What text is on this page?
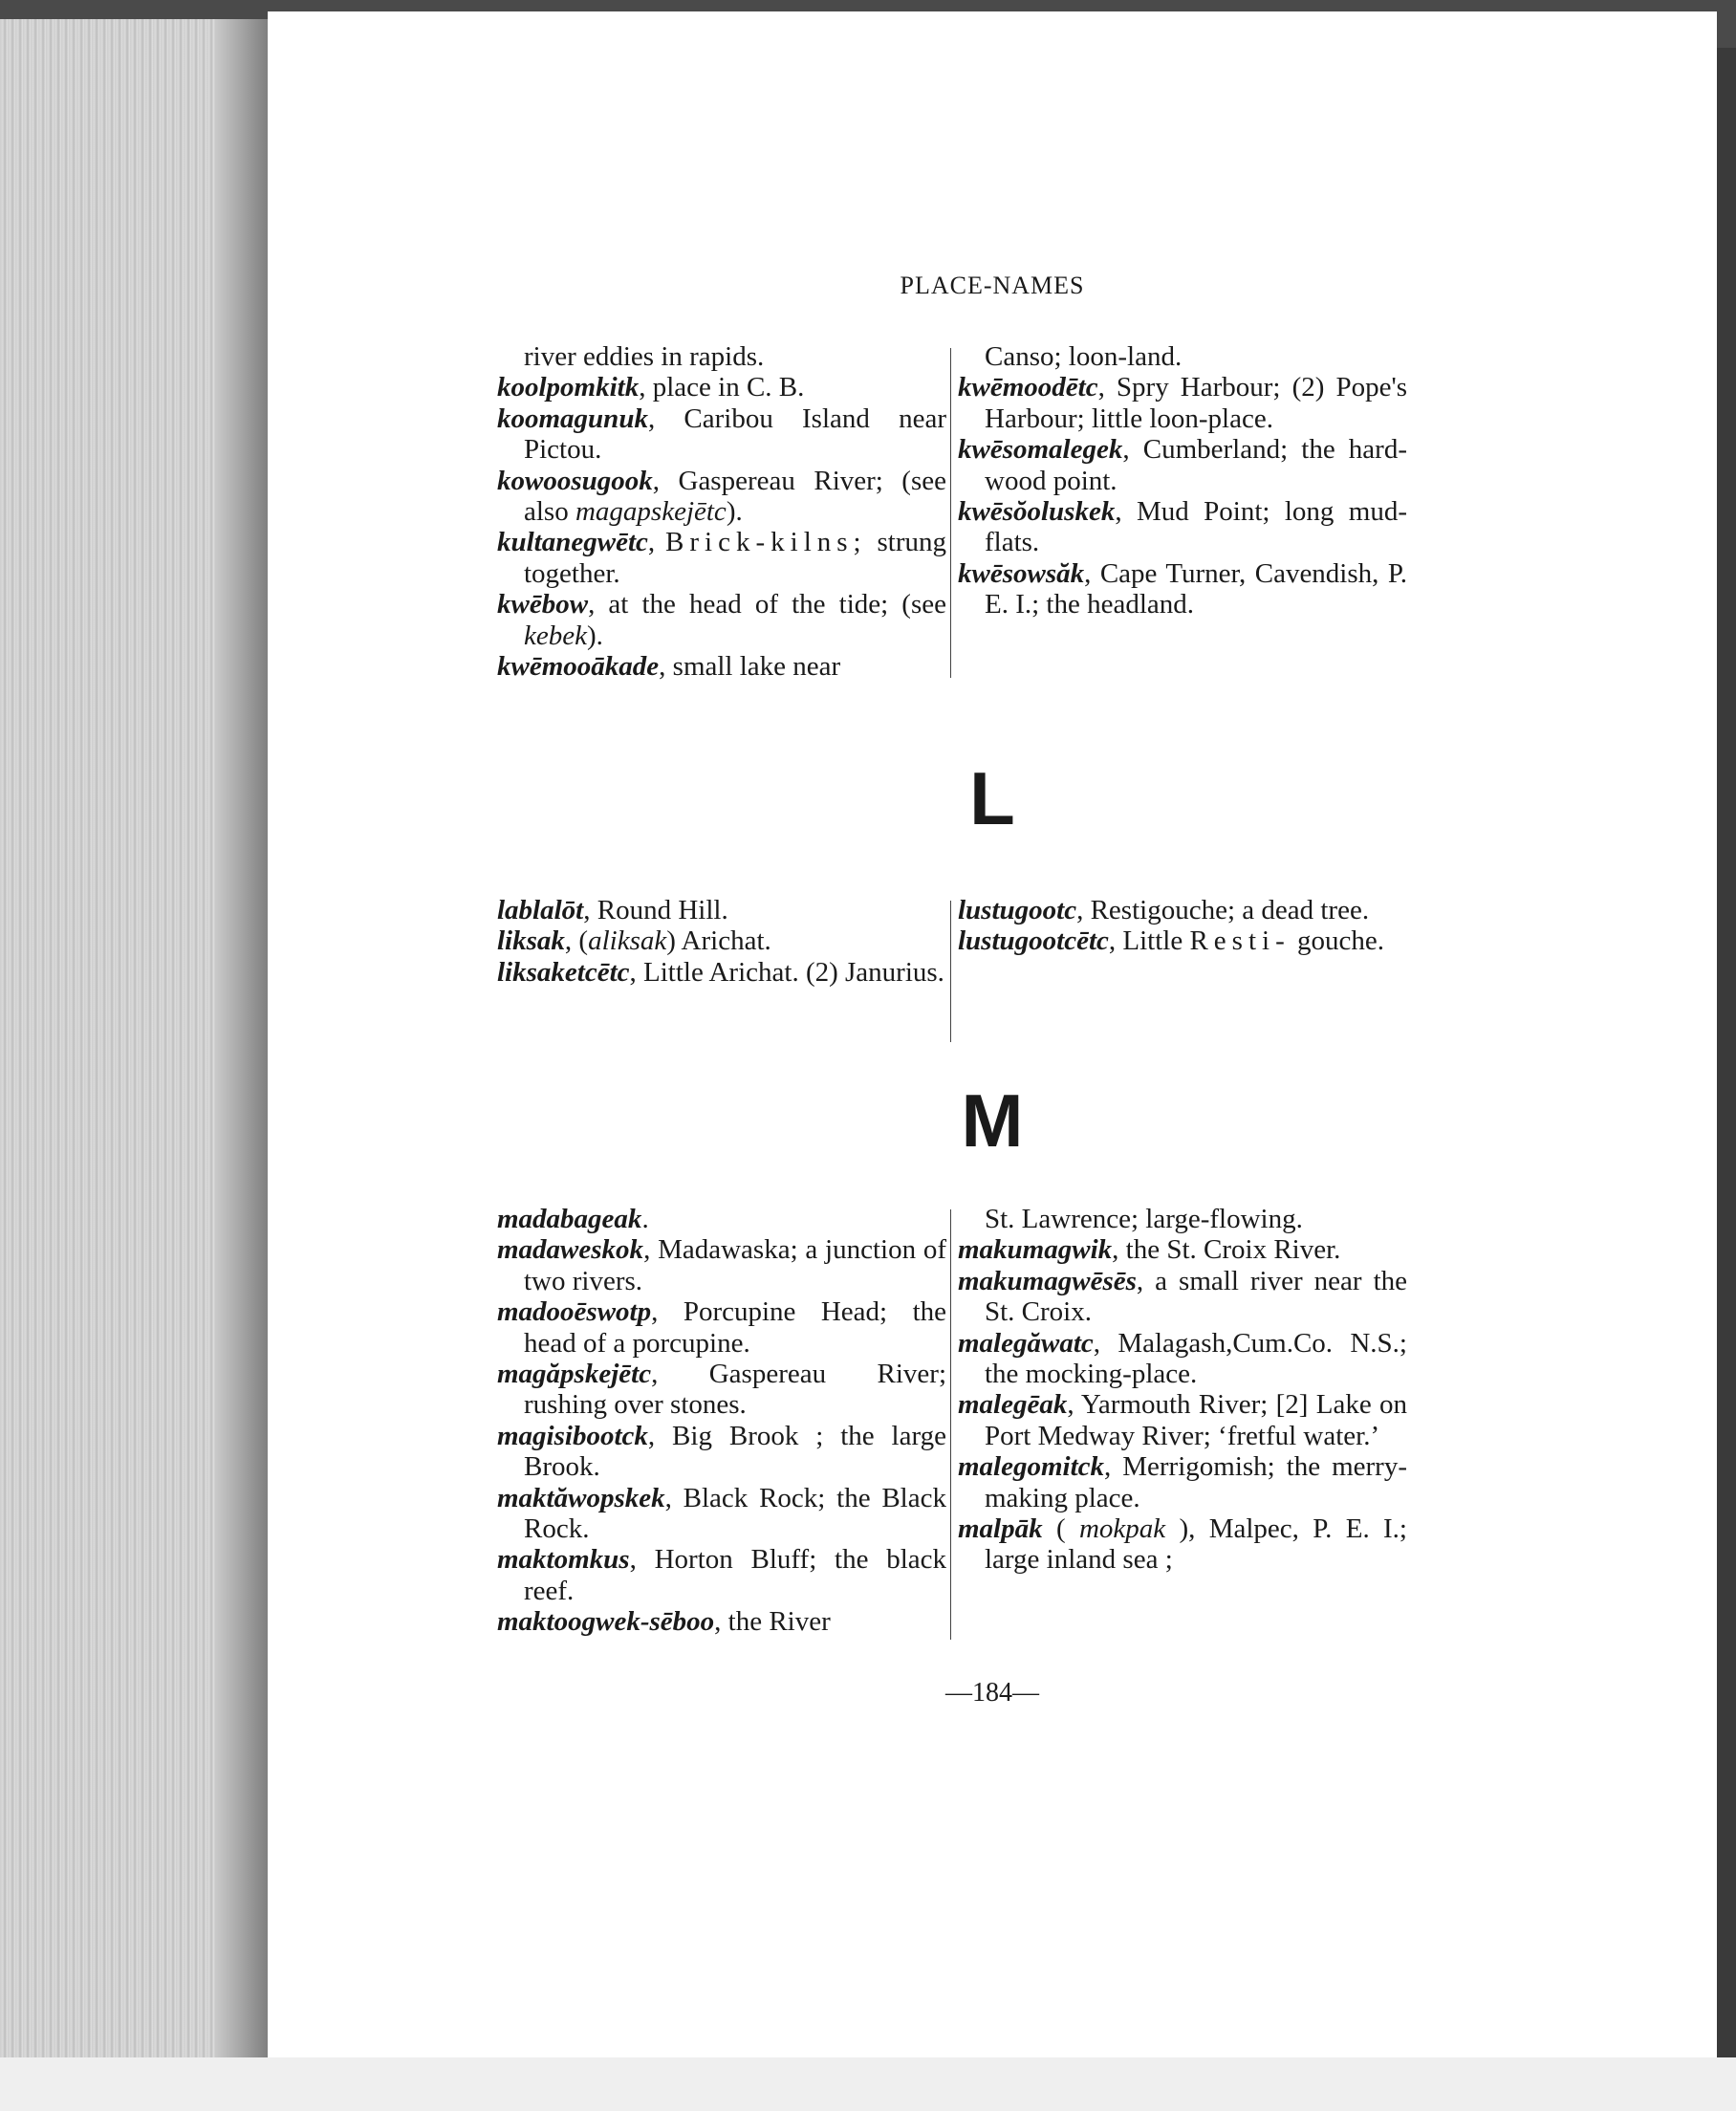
PLACE-NAMES
river eddies in rapids.
koolpomkitk, place in C. B.
koomagunuk, Caribou Island near Pictou.
kowoosugook, Gaspereau River; (see also magapskejētc).
kultanegwētc, Brick-kilns; strung together.
kwēbow, at the head of the tide; (see kebek).
kwēmooākade, small lake near
Canso; loon-land.
kwēmoodētc, Spry Harbour; (2) Pope's Harbour; little loon-place.
kwēsomalegek, Cumberland; the hard-wood point.
kwēsŏoluskek, Mud Point; long mud-flats.
kwēsowsăk, Cape Turner, Cavendish, P. E. I.; the headland.
L
lablalōt, Round Hill.
liksak, (aliksak) Arichat.
liksaketcētc, Little Arichat. (2) Janurius.
lustugootc, Restigouche; a dead tree.
lustugootcētc, Little Resti- gouche.
M
madabageak.
madaweskok, Madawaska; a junction of two rivers.
madooēswotp, Porcupine Head; the head of a porcupine.
magăpskejētc, Gaspereau River; rushing over stones.
magisibootck, Big Brook ; the large Brook.
maktăwopskek, Black Rock; the Black Rock.
maktomkus, Horton Bluff; the black reef.
maktoogwek-sēboo, the River
St. Lawrence; large-flowing.
makumagwik, the St. Croix River.
makumagwēsēs, a small river near the St. Croix.
malegăwatc, Malagash,Cum.Co. N.S.; the mocking-place.
malegēak, Yarmouth River; [2] Lake on Port Medway River; ‘fretful water.’
malegomitck, Merrigomish; the merry-making place.
malpāk ( mokpak ), Malpec, P. E. I.; large inland sea ;
—184—
